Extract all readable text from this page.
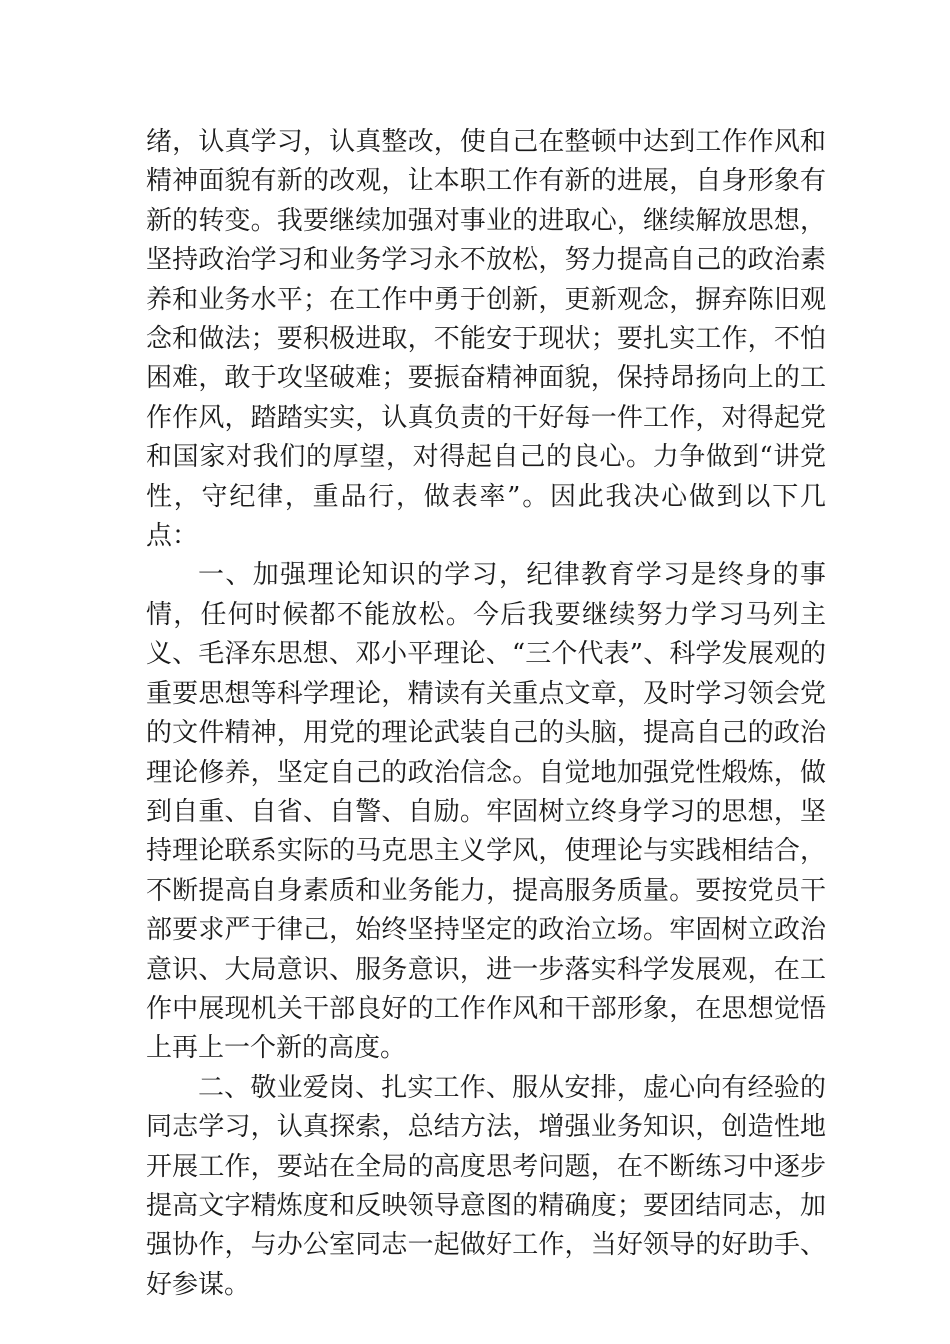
绪，认真学习，认真整改，使自己在整顿中达到工作作风和精神面貌有新的改观，让本职工作有新的进展，自身形象有新的转变。我要继续加强对事业的进取心，继续解放思想，坚持政治学习和业务学习永不放松，努力提高自己的政治素养和业务水平；在工作中勇于创新，更新观念，摒弃陈旧观念和做法；要积极进取，不能安于现状；要扎实工作，不怕困难，敢于攻坚破难；要振奋精神面貌，保持昂扬向上的工作作风，踏踏实实，认真负责的干好每一件工作，对得起党和国家对我们的厚望，对得起自己的良心。力争做到“讲党性，守纪律，重品行，做表率”。因此我决心做到以下几点：

一、加强理论知识的学习，纪律教育学习是终身的事情，任何时候都不能放松。今后我要继续努力学习马列主义、毛泽东思想、邓小平理论、“三个代表”、科学发展观的重要思想等科学理论，精读有关重点文章，及时学习领会党的文件精神，用党的理论武装自己的头脑，提高自己的政治理论修养，坚定自己的政治信念。自觉地加强党性煅炼，做到自重、自省、自警、自励。牢固树立终身学习的思想，坚持理论联系实际的马克思主义学风，使理论与实践相结合，不断提高自身素质和业务能力，提高服务质量。要按党员干部要求严于律己，始终坚持坚定的政治立场。牢固树立政治意识、大局意识、服务意识，进一步落实科学发展观，在工作中展现机关干部良好的工作作风和干部形象，在思想觉悟上再上一个新的高度。

二、敬业爱岗、扎实工作、服从安排，虚心向有经验的同志学习，认真探索，总结方法，增强业务知识，创造性地开展工作，要站在全局的高度思考问题，在不断练习中逐步提高文字精炼度和反映领导意图的精确度；要团结同志，加强协作，与办公室同志一起做好工作，当好领导的好助手、好参谋。
